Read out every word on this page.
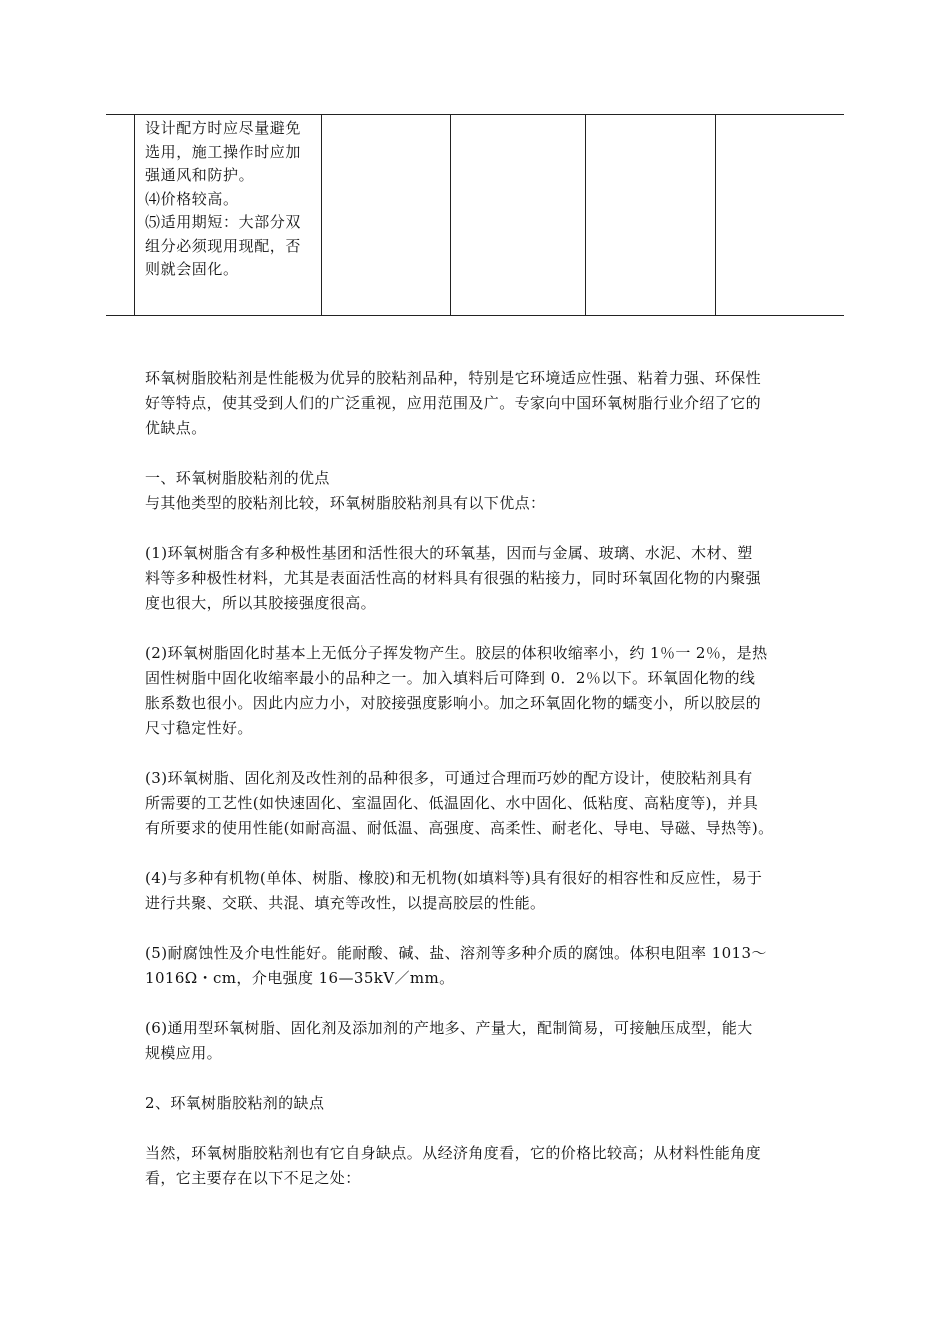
设计配方时应尽量避免
选用，施工操作时应加
强通风和防护。
⑷价格较高。
⑸适用期短：大部分双
组分必须现用现配，否
则就会固化。

环氧树脂胶粘剂是性能极为优异的胶粘剂品种，特别是它环境适应性强、粘着力强、环保性
好等特点，使其受到人们的广泛重视，应用范围及广。专家向中国环氧树脂行业介绍了它的
优缺点。

一、环氧树脂胶粘剂的优点

与其他类型的胶粘剂比较，环氧树脂胶粘剂具有以下优点：

(1)环氧树脂含有多种极性基团和活性很大的环氧基，因而与金属、玻璃、水泥、木材、塑
料等多种极性材料，尤其是表面活性高的材料具有很强的粘接力，同时环氧固化物的内聚强
度也很大，所以其胶接强度很高。

(2)环氧树脂固化时基本上无低分子挥发物产生。胶层的体积收缩率小，约 1％一 2％，是热
固性树脂中固化收缩率最小的品种之一。加入填料后可降到 0．2％以下。环氧固化物的线
胀系数也很小。因此内应力小，对胶接强度影响小。加之环氧固化物的蠕变小，所以胶层的
尺寸稳定性好。

(3)环氧树脂、固化剂及改性剂的品种很多，可通过合理而巧妙的配方设计，使胶粘剂具有
所需要的工艺性(如快速固化、室温固化、低温固化、水中固化、低粘度、高粘度等)，并具
有所要求的使用性能(如耐高温、耐低温、高强度、高柔性、耐老化、导电、导磁、导热等)。

(4)与多种有机物(单体、树脂、橡胶)和无机物(如填料等)具有很好的相容性和反应性，易于
进行共聚、交联、共混、填充等改性，以提高胶层的性能。

(5)耐腐蚀性及介电性能好。能耐酸、碱、盐、溶剂等多种介质的腐蚀。体积电阻率 1013～
1016Ω・cm，介电强度 16—35kV／mm。

(6)通用型环氧树脂、固化剂及添加剂的产地多、产量大，配制简易，可接触压成型，能大
规模应用。

2、环氧树脂胶粘剂的缺点

当然，环氧树脂胶粘剂也有它自身缺点。从经济角度看，它的价格比较高；从材料性能角度
看，它主要存在以下不足之处：
